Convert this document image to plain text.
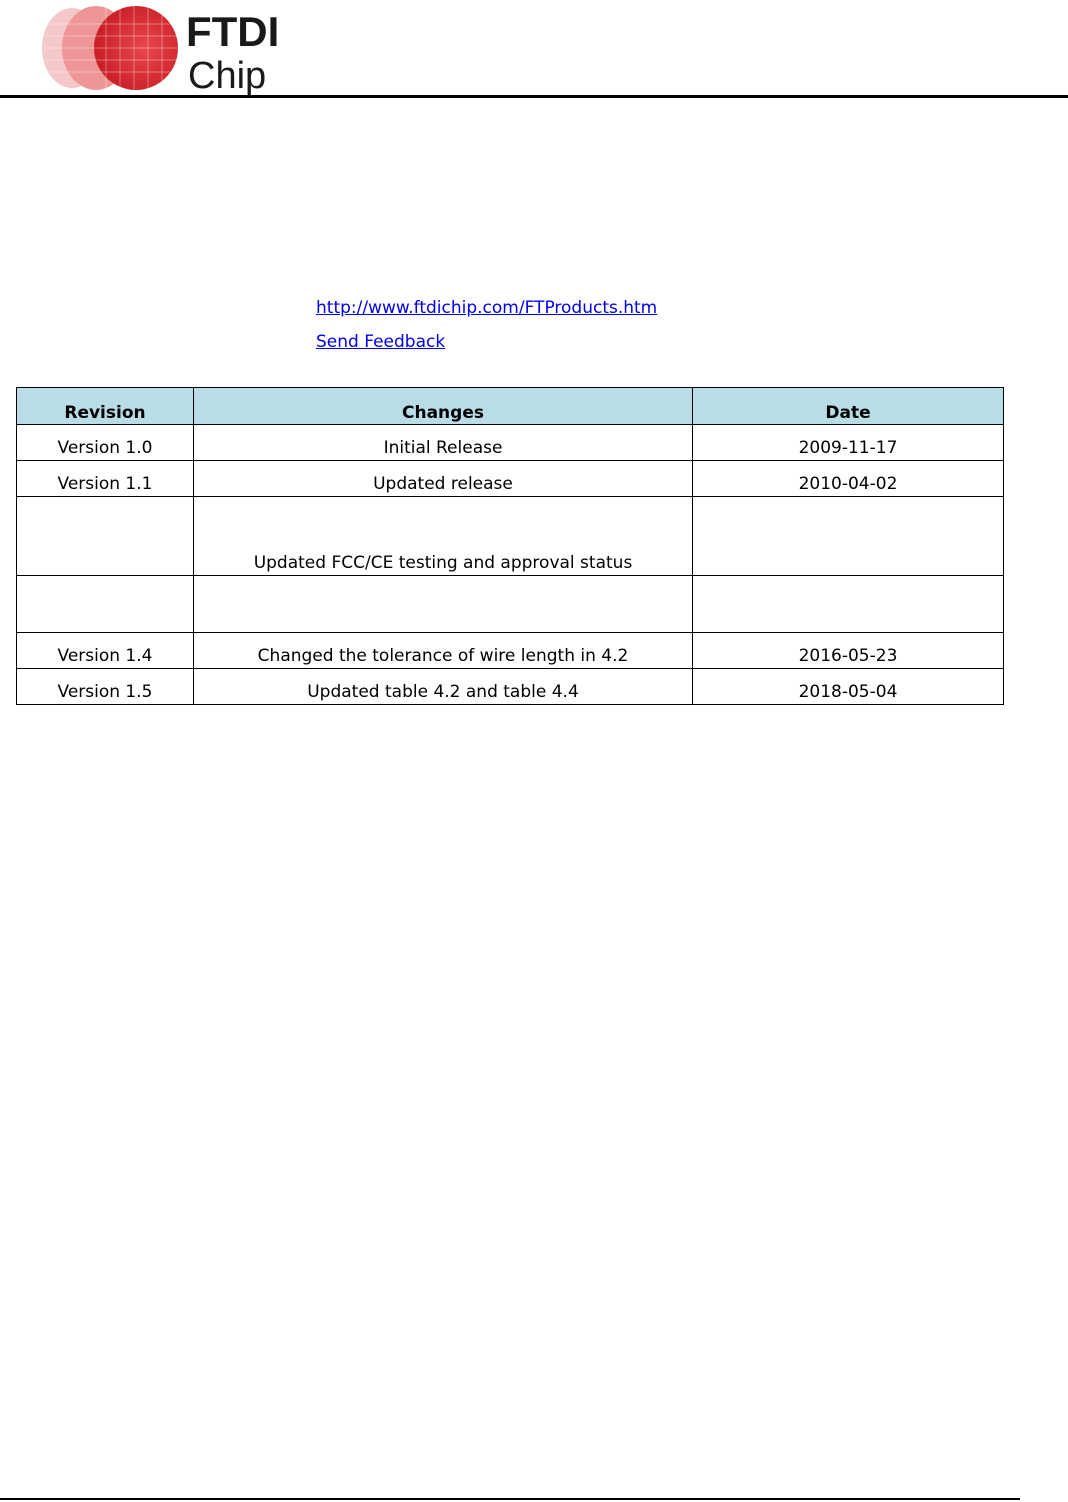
FTDI
Chip
http://www.ftdichip.com/FTProducts.htm
Send Feedback
Revision	Changes	Date
Version 1.0	Initial Release	2009-11-17
Version 1.1	Updated release	2010-04-02
	Updated FCC/CE testing and approval status	

Version 1.4	Changed the tolerance of wire length in 4.2	2016-05-23
Version 1.5	Updated table 4.2 and table 4.4	2018-05-04
